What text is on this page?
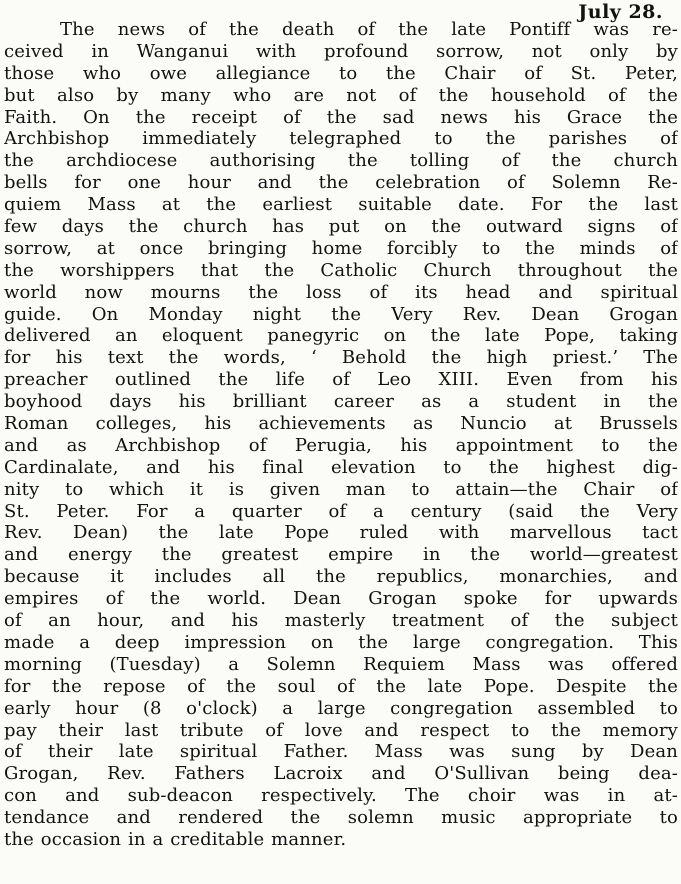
July 28.
The news of the death of the late Pontiff was re-
ceived in Wanganui with profound sorrow, not only by
those who owe allegiance to the Chair of St. Peter,
but also by many who are not of the household of the
Faith. On the receipt of the sad news his Grace the
Archbishop immediately telegraphed to the parishes of
the archdiocese authorising the tolling of the church
bells for one hour and the celebration of Solemn Re-
quiem Mass at the earliest suitable date. For the last
few days the church has put on the outward signs of
sorrow, at once bringing home forcibly to the minds of
the worshippers that the Catholic Church throughout the
world now mourns the loss of its head and spiritual
guide. On Monday night the Very Rev. Dean Grogan
delivered an eloquent panegyric on the late Pope, taking
for his text the words, ‘ Behold the high priest.’ The
preacher outlined the life of Leo XIII. Even from his
boyhood days his brilliant career as a student in the
Roman colleges, his achievements as Nuncio at Brussels
and as Archbishop of Perugia, his appointment to the
Cardinalate, and his final elevation to the highest dig-
nity to which it is given man to attain—the Chair of
St. Peter. For a quarter of a century (said the Very
Rev. Dean) the late Pope ruled with marvellous tact
and energy the greatest empire in the world—greatest
because it includes all the republics, monarchies, and
empires of the world. Dean Grogan spoke for upwards
of an hour, and his masterly treatment of the subject
made a deep impression on the large congregation. This
morning (Tuesday) a Solemn Requiem Mass was offered
for the repose of the soul of the late Pope. Despite the
early hour (8 o'clock) a large congregation assembled to
pay their last tribute of love and respect to the memory
of their late spiritual Father. Mass was sung by Dean
Grogan, Rev. Fathers Lacroix and O'Sullivan being dea-
con and sub-deacon respectively. The choir was in at-
tendance and rendered the solemn music appropriate to
the occasion in a creditable manner.
